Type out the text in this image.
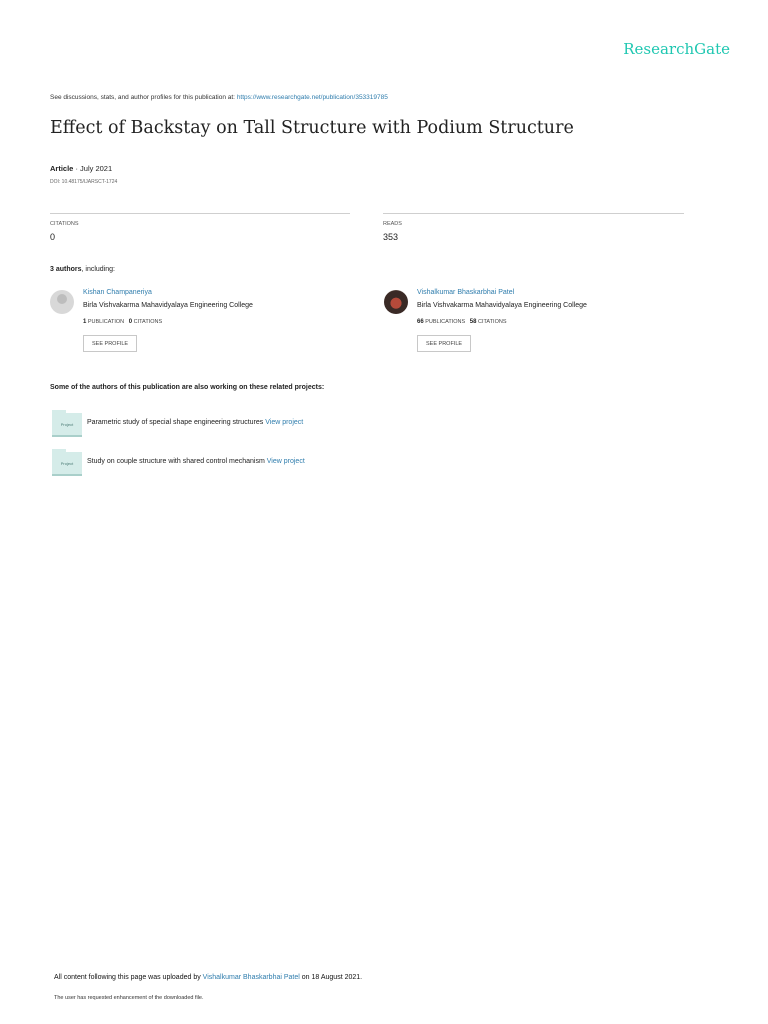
ResearchGate
See discussions, stats, and author profiles for this publication at: https://www.researchgate.net/publication/353319785
Effect of Backstay on Tall Structure with Podium Structure
Article · July 2021
DOI: 10.48175/IJARSCT-1724
CITATIONS
0
READS
353
3 authors, including:
Kishan Champaneriya
Birla Vishvakarma Mahavidyalaya Engineering College
1 PUBLICATION 0 CITATIONS
SEE PROFILE
Vishalkumar Bhaskarbhai Patel
Birla Vishvakarma Mahavidyalaya Engineering College
66 PUBLICATIONS 58 CITATIONS
SEE PROFILE
Some of the authors of this publication are also working on these related projects:
Project	Parametric study of special shape engineering structures View project
Project	Study on couple structure with shared control mechanism View project
All content following this page was uploaded by Vishalkumar Bhaskarbhai Patel on 18 August 2021.
The user has requested enhancement of the downloaded file.
